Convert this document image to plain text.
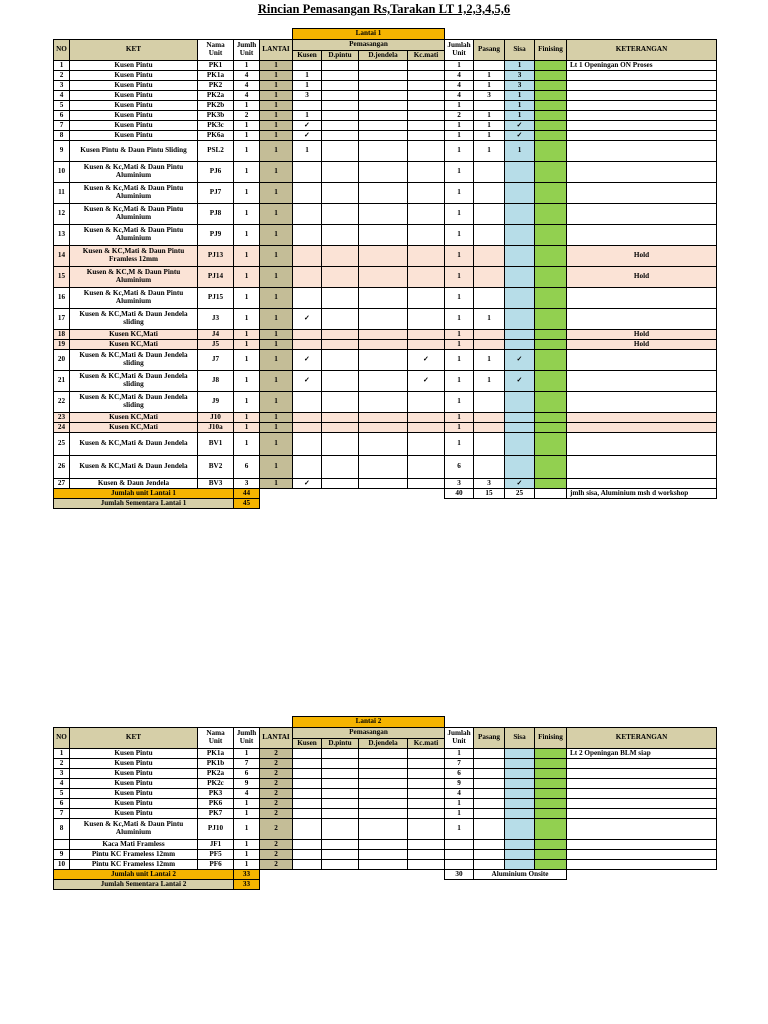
Rincian Pemasangan Rs,Tarakan LT 1,2,3,4,5,6
					Lantai 1								
NO	KET	Nama Unit	Jumlh Unit	LANTAI	Pemasangan				Jumlah Unit	Pasang	Sisa	Finising	KETERANGAN
					Kusen	D.pintu	D.jendela	Kc.mati					
1	Kusen Pintu	PK1	1	1					1		1		Lt 1 Openingan ON Proses
2	Kusen Pintu	PK1a	4	1	1				4	1	3		
3	Kusen Pintu	PK2	4	1	1				4	1	3		
4	Kusen Pintu	PK2a	4	1	3				4	3	1		
5	Kusen Pintu	PK2b	1	1					1		1		
6	Kusen Pintu	PK3b	2	1	1				2	1	1		
7	Kusen Pintu	PK3c	1	1	✓				1	1	✓		
8	Kusen Pintu	PK6a	1	1	✓				1	1	✓		
9	Kusen Pintu & Daun Pintu Sliding	PSL2	1	1	1				1	1	1		
10	Kusen & Kc,Mati & Daun Pintu Aluminium	PJ6	1	1					1				
11	Kusen & Kc,Mati & Daun Pintu Aluminium	PJ7	1	1					1				
12	Kusen & Kc,Mati & Daun Pintu Aluminium	PJ8	1	1					1				
13	Kusen & Kc,Mati & Daun Pintu Aluminium	PJ9	1	1					1				
14	Kusen & KC,Mati & Daun Pintu Framless 12mm	PJ13	1	1					1				Hold
15	Kusen & KC,M & Daun Pintu Aluminium	PJ14	1	1					1				Hold
16	Kusen & Kc,Mati & Daun Pintu Aluminium	PJ15	1	1					1				
17	Kusen & KC,Mati & Daun Jendela sliding	J3	1	1	✓				1	1			
18	Kusen KC,Mati	J4	1	1					1				Hold
19	Kusen KC,Mati	J5	1	1					1				Hold
20	Kusen & KC,Mati & Daun Jendela sliding	J7	1	1	✓			✓	1	1	✓		
21	Kusen & KC,Mati & Daun Jendela sliding	J8	1	1	✓			✓	1	1	✓		
22	Kusen & KC,Mati & Daun Jendela sliding	J9	1	1					1				
23	Kusen KC,Mati	J10	1	1					1				
24	Kusen KC,Mati	J10a	1	1					1				
25	Kusen & KC,Mati & Daun Jendela	BV1	1	1					1				
26	Kusen & KC,Mati & Daun Jendela	BV2	6	1					6				
27	Kusen & Daun Jendela	BV3	3	1	✓				3	3	✓		
Jumlah unit Lantai 1			44						40	15	25		jmlh sisa, Aluminium msh d workshop
Jumlah Sementara Lantai 1			45										
					Lantai 2								
NO	KET	Nama Unit	Jumlh Unit	LANTAI	Pemasangan				Jumlah Unit	Pasang	Sisa	Finising	KETERANGAN
					Kusen	D.pintu	D.jendela	Kc.mati					
1	Kusen Pintu	PK1a	1	2					1				Lt 2 Openingan BLM siap
2	Kusen Pintu	PK1b	7	2					7				
3	Kusen Pintu	PK2a	6	2					6				
4	Kusen Pintu	PK2c	9	2					9				
5	Kusen Pintu	PK3	4	2					4				
6	Kusen Pintu	PK6	1	2					1				
7	Kusen Pintu	PK7	1	2					1				
8	Kusen & Kc,Mati & Daun Pintu Aluminium	PJ10	1	2					1				
	Kaca Mati Framless	JF1	1	2									
9	Pintu KC Frameless 12mm	PF5	1	2									
10	Pintu KC Frameless 12mm	PF6	1	2									
Jumlah unit Lantai 2			33						30	Aluminium Onsite			
Jumlah Sementara Lantai 2			33										
